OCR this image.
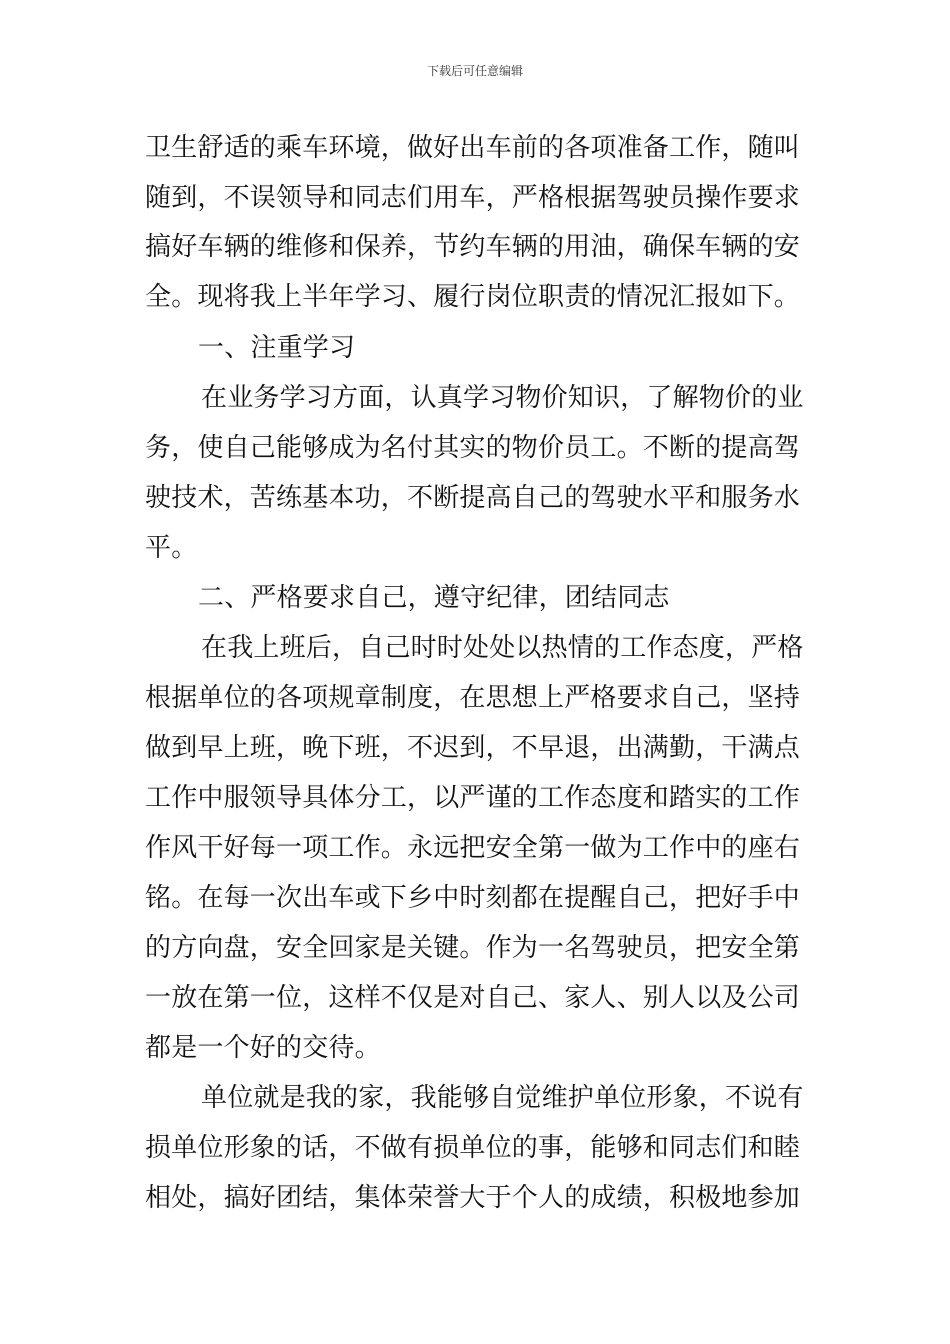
下载后可任意编辑
卫生舒适的乘车环境，做好出车前的各项准备工作，随叫
随到，不误领导和同志们用车，严格根据驾驶员操作要求
搞好车辆的维修和保养，节约车辆的用油，确保车辆的安
全。现将我上半年学习、履行岗位职责的情况汇报如下。
一、注重学习
在业务学习方面，认真学习物价知识，了解物价的业
务，使自己能够成为名付其实的物价员工。不断的提高驾
驶技术，苦练基本功，不断提高自己的驾驶水平和服务水
平。
二、严格要求自己，遵守纪律，团结同志
在我上班后，自己时时处处以热情的工作态度，严格
根据单位的各项规章制度，在思想上严格要求自己，坚持
做到早上班，晚下班，不迟到，不早退，出满勤，干满点
工作中服领导具体分工，以严谨的工作态度和踏实的工作
作风干好每一项工作。永远把安全第一做为工作中的座右
铭。在每一次出车或下乡中时刻都在提醒自己，把好手中
的方向盘，安全回家是关键。作为一名驾驶员，把安全第
一放在第一位，这样不仅是对自己、家人、别人以及公司
都是一个好的交待。
单位就是我的家，我能够自觉维护单位形象，不说有
损单位形象的话，不做有损单位的事，能够和同志们和睦
相处，搞好团结，集体荣誉大于个人的成绩，积极地参加
